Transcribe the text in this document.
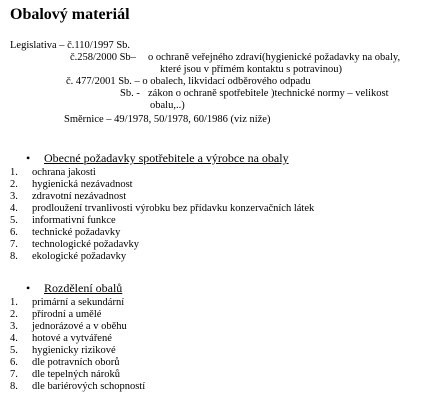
Obalový materiál
Legislativa – č.110/1997 Sb.
č.258/2000 Sb– o ochraně veřejného zdraví(hygienické požadavky na obaly,
které jsou v přímém kontaktu s potravinou)
č. 477/2001 Sb. – o obalech, likvidací odběrového odpadu
Sb. - zákon o ochraně spotřebitele )technické normy – velikost
obalu,..)
Směrnice – 49/1978, 50/1978, 60/1986 (viz níže)
• Obecné požadavky spotřebitele a výrobce na obaly
1. ochrana jakosti
2. hygienická nezávadnost
3. zdravotní nezávadnost
4. prodloužení trvanlivosti výrobku bez přídavku konzervačních látek
5. informativní funkce
6. technické požadavky
7. technologické požadavky
8. ekologické požadavky
• Rozdělení obalů
1. primární a sekundární
2. přírodní a umělé
3. jednorázové a v oběhu
4. hotové a vytvářené
5. hygienicky rizikové
6. dle potravních oborů
7. dle tepelných nároků
8. dle bariérových schopností
